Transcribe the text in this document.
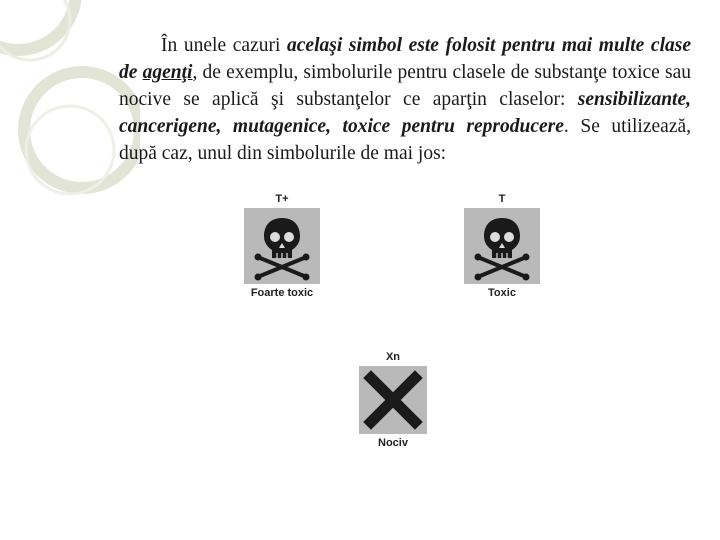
În unele cazuri acelaşi simbol este folosit pentru mai multe clase de agenţi, de exemplu, simbolurile pentru clasele de substanţe toxice sau nocive se aplică şi substanţelor ce aparţin claselor: sensibilizante, cancerigene, mutagenice, toxice pentru reproducere. Se utilizează, după caz, unul din simbolurile de mai jos:
T+
Foarte toxic
T
Toxic
Xn
Nociv
